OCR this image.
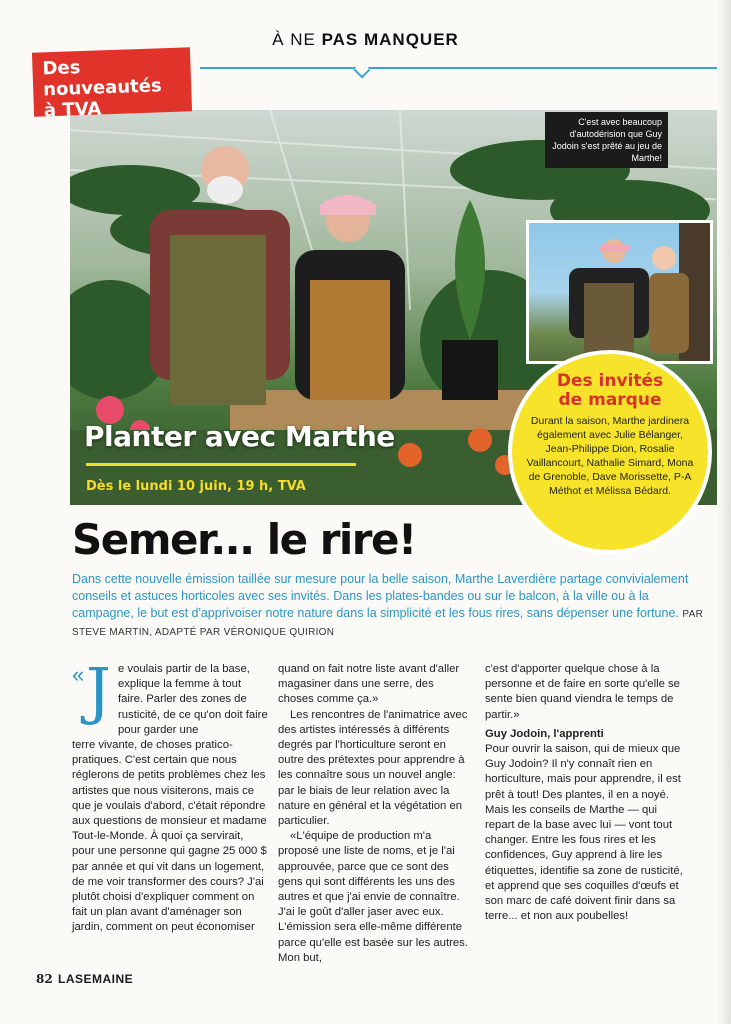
À NE PAS MANQUER
Des nouveautés
à TVA
C'est avec beaucoup d'autodérision que Guy Jodoin s'est prêté au jeu de Marthe!
Planter avec Marthe
Dès le lundi 10 juin, 19 h, TVA
Des invités
de marque
Durant la saison, Marthe jardinera également avec Julie Bélanger, Jean-Philippe Dion, Rosalie Vaillancourt, Nathalie Simard, Mona de Grenoble, Dave Morissette, P-A Méthot et Mélissa Bédard.
Semer... le rire!
Dans cette nouvelle émission taillée sur mesure pour la belle saison, Marthe Laverdière partage convivialement conseils et astuces horticoles avec ses invités. Dans les plates-bandes ou sur le balcon, à la ville ou à la campagne, le but est d'apprivoiser notre nature dans la simplicité et les fous rires, sans dépenser une fortune. PAR STEVE MARTIN, ADAPTÉ PAR VÉRONIQUE QUIRION
« J e voulais partir de la base, explique la femme à tout faire. Parler des zones de rusticité, de ce qu'on doit faire pour garder une

terre vivante, de choses pratico-pratiques. C'est certain que nous réglerons de petits problèmes chez les artistes que nous visiterons, mais ce que je voulais d'abord, c'était répondre aux questions de monsieur et madame Tout-le-Monde. À quoi ça servirait, pour une personne qui gagne 25 000 $ par année et qui vit dans un logement, de me voir transformer des cours? J'ai plutôt choisi d'expliquer comment on fait un plan avant d'aménager son jardin, comment on peut économiser

quand on fait notre liste avant d'aller magasiner dans une serre, des choses comme ça.»

Les rencontres de l'animatrice avec des artistes intéressés à différents degrés par l'horticulture seront en outre des prétextes pour apprendre à les connaître sous un nouvel angle: par le biais de leur relation avec la nature en général et la végétation en particulier.

«L'équipe de production m'a proposé une liste de noms, et je l'ai approuvée, parce que ce sont des gens qui sont différents les uns des autres et que j'ai envie de connaître. J'ai le goût d'aller jaser avec eux. L'émission sera elle-même différente parce qu'elle est basée sur les autres. Mon but,

c'est d'apporter quelque chose à la personne et de faire en sorte qu'elle se sente bien quand viendra le temps de partir.»

Guy Jodoin, l'apprenti

Pour ouvrir la saison, qui de mieux que Guy Jodoin? Il n'y connaît rien en horticulture, mais pour apprendre, il est prêt à tout! Des plantes, il en a noyé. Mais les conseils de Marthe — qui repart de la base avec lui — vont tout changer. Entre les fous rires et les confidences, Guy apprend à lire les étiquettes, identifie sa zone de rusticité, et apprend que ses coquilles d'œufs et son marc de café doivent finir dans sa terre... et non aux poubelles!

82 LASEMAINE
